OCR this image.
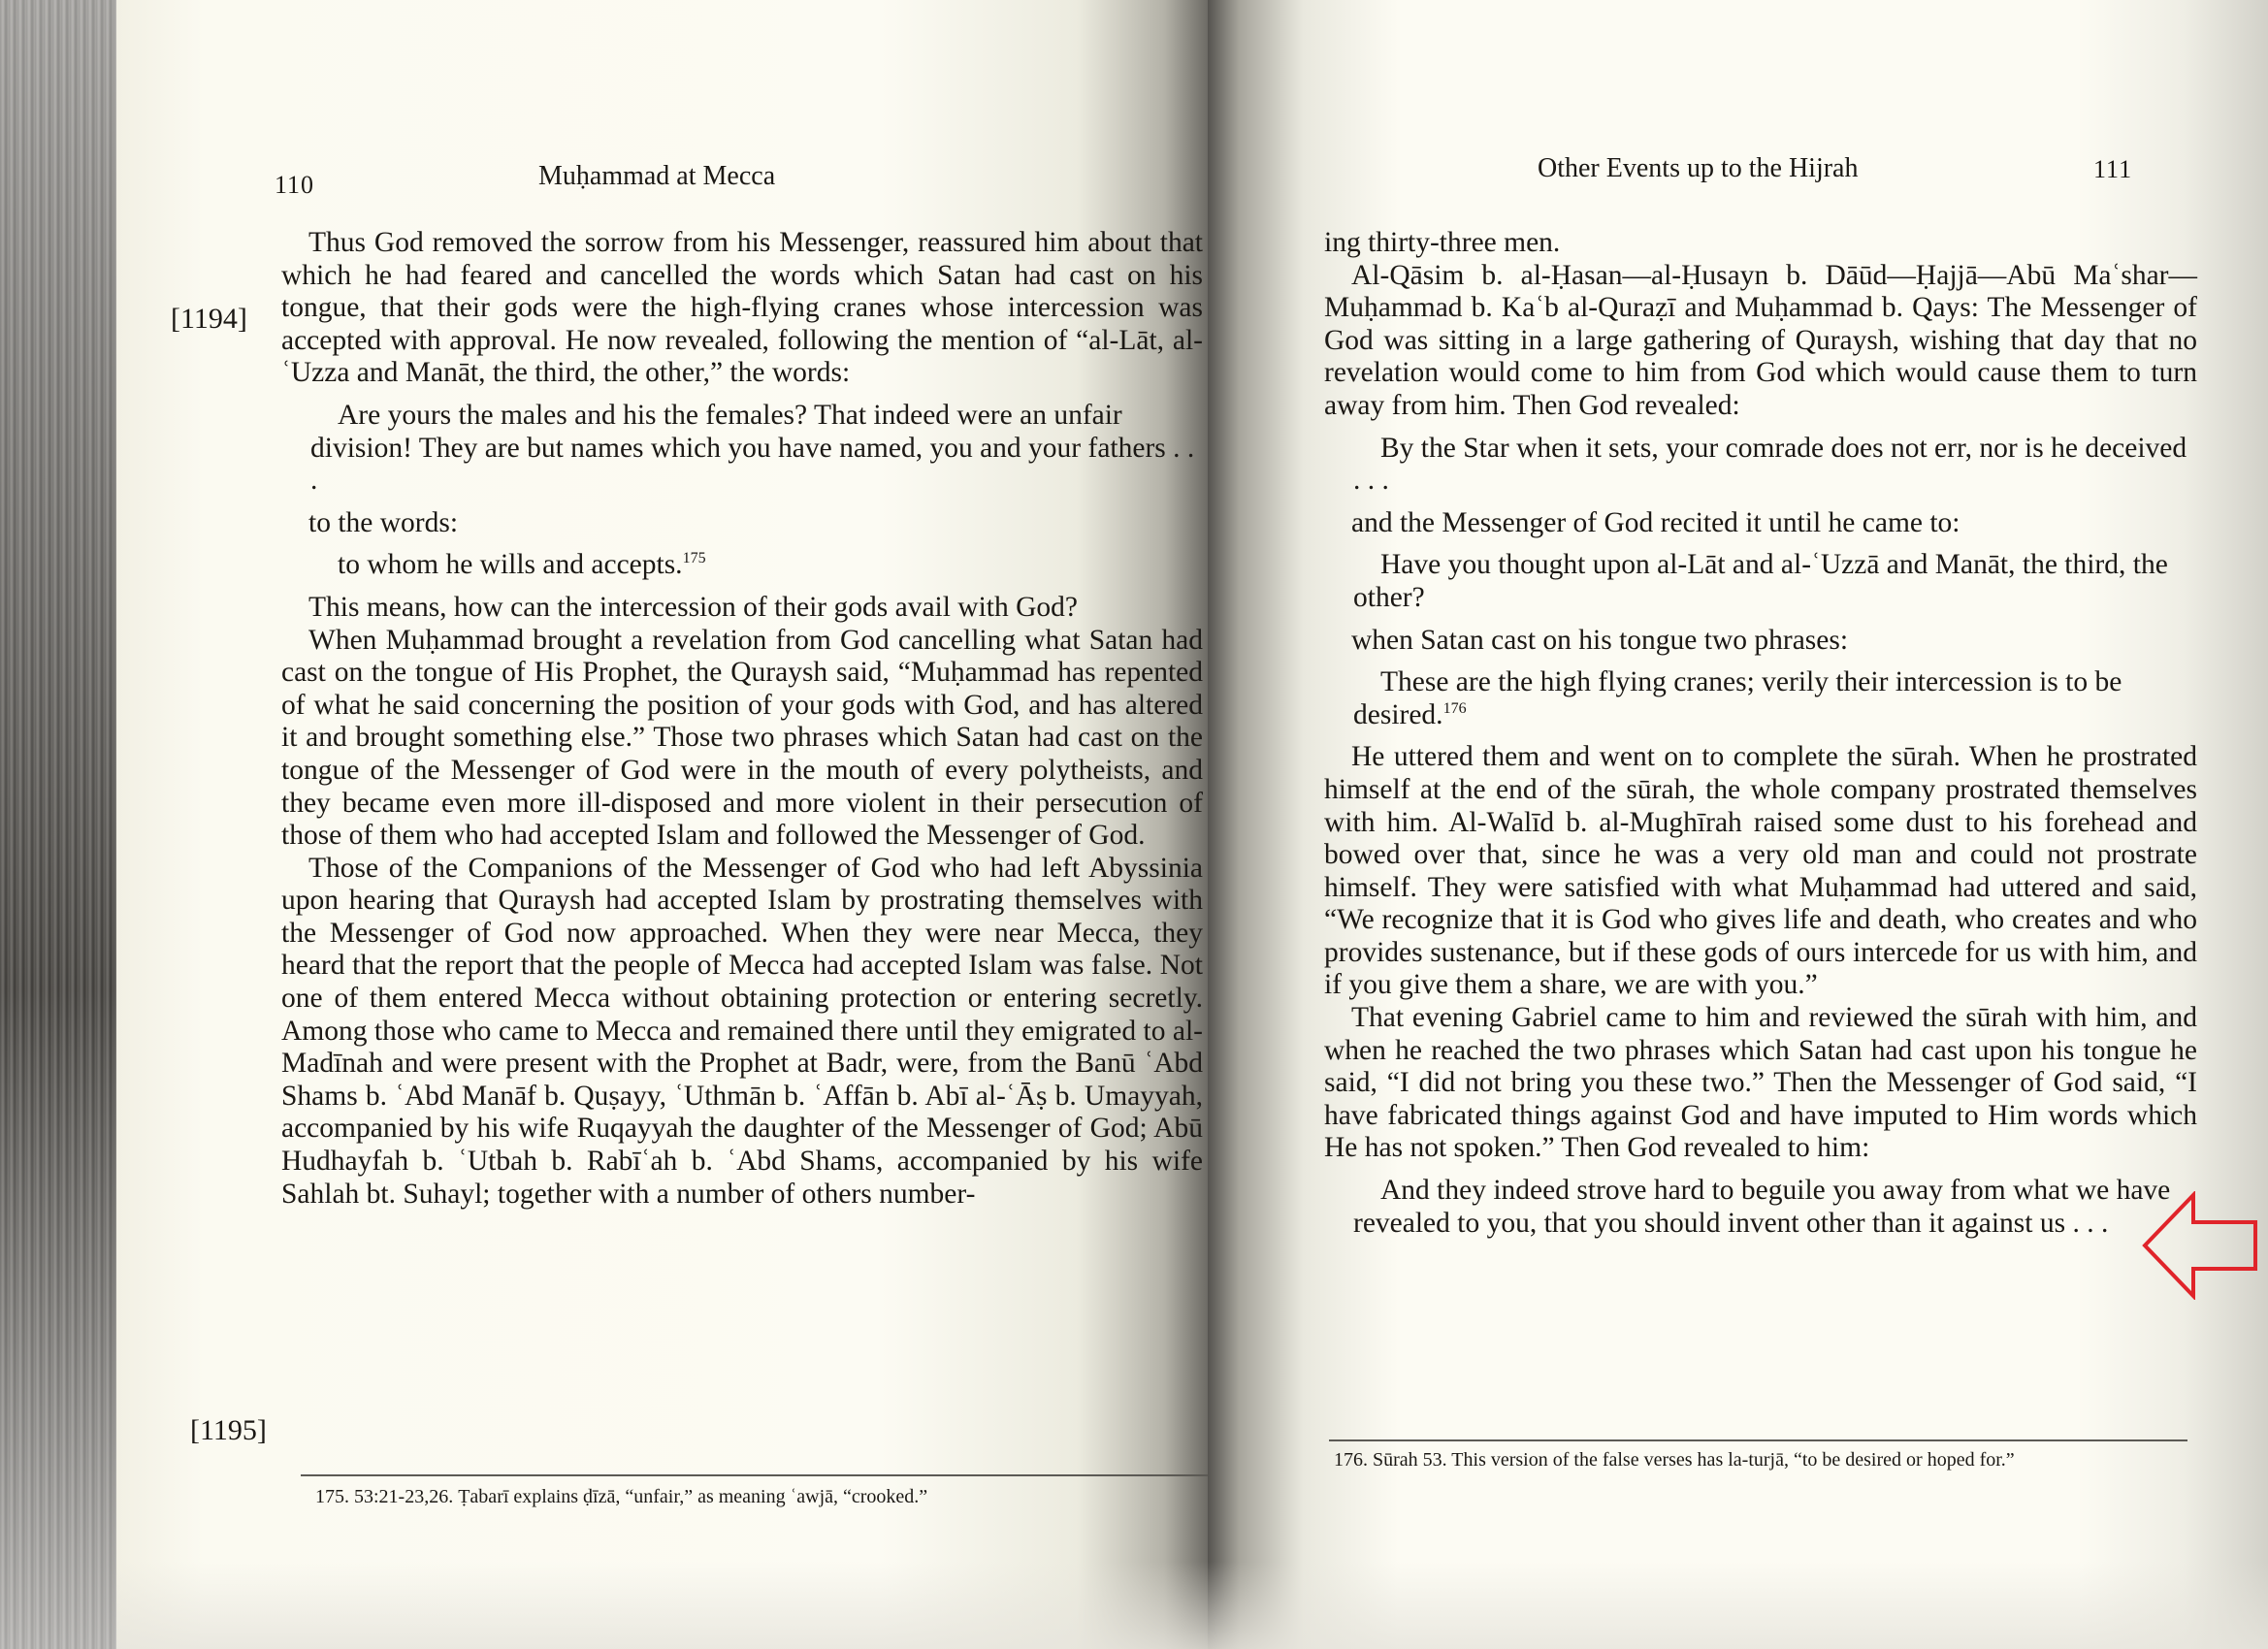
110	Muḥammad at Mecca
[1194]
[1195]

Thus God removed the sorrow from his Messenger, reassured him about that which he had feared and cancelled the words which Satan had cast on his tongue, that their gods were the high-flying cranes whose intercession was accepted with approval. He now revealed, following the mention of “al-Lāt, al-ʿUzza and Manāt, the third, the other,” the words:

Are yours the males and his the females? That indeed were an unfair division! They are but names which you have named, you and your fathers . . .

to the words:

to whom he wills and accepts.$^{175}$

This means, how can the intercession of their gods avail with God?

When Muḥammad brought a revelation from God cancelling what Satan had cast on the tongue of His Prophet, the Quraysh said, “Muḥammad has repented of what he said concerning the position of your gods with God, and has altered it and brought something else.” Those two phrases which Satan had cast on the tongue of the Messenger of God were in the mouth of every polytheists, and they became even more ill-disposed and more violent in their persecution of those of them who had accepted Islam and followed the Messenger of God.

Those of the Companions of the Messenger of God who had left Abyssinia upon hearing that Quraysh had accepted Islam by prostrating themselves with the Messenger of God now approached. When they were near Mecca, they heard that the report that the people of Mecca had accepted Islam was false. Not one of them entered Mecca without obtaining protection or entering secretly. Among those who came to Mecca and remained there until they emigrated to al-Madīnah and were present with the Prophet at Badr, were, from the Banū ʿAbd Shams b. ʿAbd Manāf b. Quṣayy, ʿUthmān b. ʿAffān b. Abī al-ʿĀṣ b. Umayyah, accompanied by his wife Ruqayyah the daughter of the Messenger of God; Abū Hudhayfah b. ʿUtbah b. Rabīʿah b. ʿAbd Shams, accompanied by his wife Sahlah bt. Suhayl; together with a number of others number-

175. 53:21-23,26. Ṭabarī explains ḍīzā, “unfair,” as meaning ʿawjā, “crooked.”
Other Events up to the Hijrah	111

ing thirty-three men.

Al-Qāsim b. al-Ḥasan—al-Ḥusayn b. Dāūd—Ḥajjā—Abū Maʿshar—Muḥammad b. Kaʿb al-Quraẓī and Muḥammad b. Qays: The Messenger of God was sitting in a large gathering of Quraysh, wishing that day that no revelation would come to him from God which would cause them to turn away from him. Then God revealed:

By the Star when it sets, your comrade does not err, nor is he deceived . . .

and the Messenger of God recited it until he came to:

Have you thought upon al-Lāt and al-ʿUzzā and Manāt, the third, the other?

when Satan cast on his tongue two phrases:

These are the high flying cranes; verily their intercession is to be desired.$^{176}$

He uttered them and went on to complete the sūrah. When he prostrated himself at the end of the sūrah, the whole company prostrated themselves with him. Al-Walīd b. al-Mughīrah raised some dust to his forehead and bowed over that, since he was a very old man and could not prostrate himself. They were satisfied with what Muḥammad had uttered and said, “We recognize that it is God who gives life and death, who creates and who provides sustenance, but if these gods of ours intercede for us with him, and if you give them a share, we are with you.”

That evening Gabriel came to him and reviewed the sūrah with him, and when he reached the two phrases which Satan had cast upon his tongue he said, “I did not bring you these two.” Then the Messenger of God said, “I have fabricated things against God and have imputed to Him words which He has not spoken.” Then God revealed to him:

And they indeed strove hard to beguile you away from what we have revealed to you, that you should invent other than it against us . . .

176. Sūrah 53. This version of the false verses has la-turjā, “to be desired or hoped for.”
